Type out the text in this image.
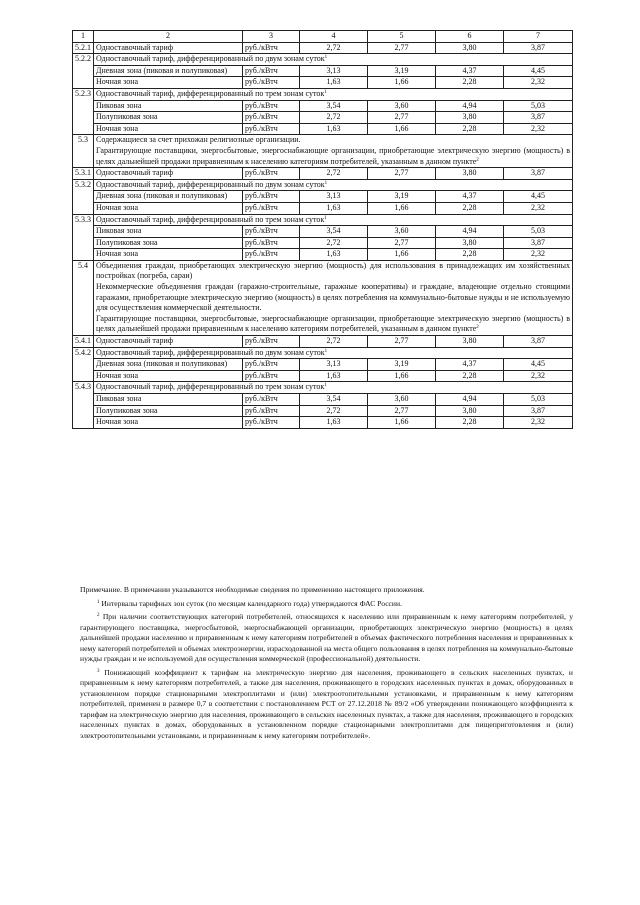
1	2	3	4	5	6	7
5.2.1	Одноставочный тариф	руб./кВтч	2,72	2,77	3,80	3,87
5.2.2	Одноставочный тариф, дифференцированный по двум зонам суток$^1$
	Дневная зона (пиковая и полупиковая)	руб./кВтч	3,13	3,19	4,37	4,45
	Ночная зона	руб./кВтч	1,63	1,66	2,28	2,32
5.2.3	Одноставочный тариф, дифференцированный по трем зонам суток$^1$
	Пиковая зона	руб./кВтч	3,54	3,60	4,94	5,03
	Полупиковая зона	руб./кВтч	2,72	2,77	3,80	3,87
	Ночная зона	руб./кВтч	1,63	1,66	2,28	2,32
5.3	Содержащиеся за счет прихожан религиозные организации.
Гарантирующие поставщики, энергосбытовые, энергоснабжающие организации, приобретающие электрическую энергию (мощность) в целях дальнейшей продажи приравненным к населению категориям потребителей, указанным в данном пункте$^2$

5.3.1	Одноставочный тариф	руб./кВтч	2,72	2,77	3,80	3,87
5.3.2	Одноставочный тариф, дифференцированный по двум зонам суток$^1$
	Дневная зона (пиковая и полупиковая)	руб./кВтч	3,13	3,19	4,37	4,45
	Ночная зона	руб./кВтч	1,63	1,66	2,28	2,32
5.3.3	Одноставочный тариф, дифференцированный по трем зонам суток$^1$
	Пиковая зона	руб./кВтч	3,54	3,60	4,94	5,03
	Полупиковая зона	руб./кВтч	2,72	2,77	3,80	3,87
	Ночная зона	руб./кВтч	1,63	1,66	2,28	2,32
5.4	Объединения граждан, приобретающих электрическую энергию (мощность) для использования в принадлежащих им хозяйственных постройках (погреба, сараи)
Некоммерческие объединения граждан (гаражно-строительные, гаражные кооперативы) и граждане, владеющие отдельно стоящими гаражами, приобретающие электрическую энергию (мощность) в целях потребления на коммунально-бытовые нужды и не используемую для осуществления коммерческой деятельности.
Гарантирующие поставщики, энергосбытовые, энергоснабжающие организации, приобретающие электрическую энергию (мощность) в целях дальнейшей продажи приравненным к населению категориям потребителей, указанным в данном пункте$^2$

5.4.1	Одноставочный тариф	руб./кВтч	2,72	2,77	3,80	3,87
5.4.2	Одноставочный тариф, дифференцированный по двум зонам суток$^1$
	Дневная зона (пиковая и полупиковая)	руб./кВтч	3,13	3,19	4,37	4,45
	Ночная зона	руб./кВтч	1,63	1,66	2,28	2,32
5.4.3	Одноставочный тариф, дифференцированный по трем зонам суток$^1$
	Пиковая зона	руб./кВтч	3,54	3,60	4,94	5,03
	Полупиковая зона	руб./кВтч	2,72	2,77	3,80	3,87
	Ночная зона	руб./кВтч	1,63	1,66	2,28	2,32

Примечание. В примечании указываются необходимые сведения по применению настоящего приложения.

$^1$ Интервалы тарифных зон суток (по месяцам календарного года) утверждаются ФАС России.

$^2$ При наличии соответствующих категорий потребителей, относящихся к населению или приравненным к нему категориям потребителей, у гарантирующего поставщика, энергосбытовой, энергоснабжающей организации, приобретающих электрическую энергию (мощность) в целях дальнейшей продажи населению и приравненным к нему категориям потребителей в объемах фактического потребления населения и приравненных к нему категорий потребителей и объемах электроэнергии, израсходованной на места общего пользования в целях потребления на коммунально-бытовые нужды граждан и не используемой для осуществления коммерческой (профессиональной) деятельности.

$^3$ Понижающий коэффициент к тарифам на электрическую энергию для населения, проживающего в сельских населенных пунктах, и приравненным к нему категориям потребителей, а также для населения, проживающего в городских населенных пунктах в домах, оборудованных в установленном порядке стационарными электроплитами и (или) электроотопительными установками, и приравненным к нему категориям потребителей, применен в размере 0,7 в соответствии с постановлением РСТ от 27.12.2018 № 89/2 «Об утверждении понижающего коэффициента к тарифам на электрическую энергию для населения, проживающего в сельских населенных пунктах, а также для населения, проживающего в городских населенных пунктах в домах, оборудованных в установленном порядке стационарными электроплитами для пищеприготовления и (или) электроотопительными установками, и приравненным к нему категориям потребителей».
